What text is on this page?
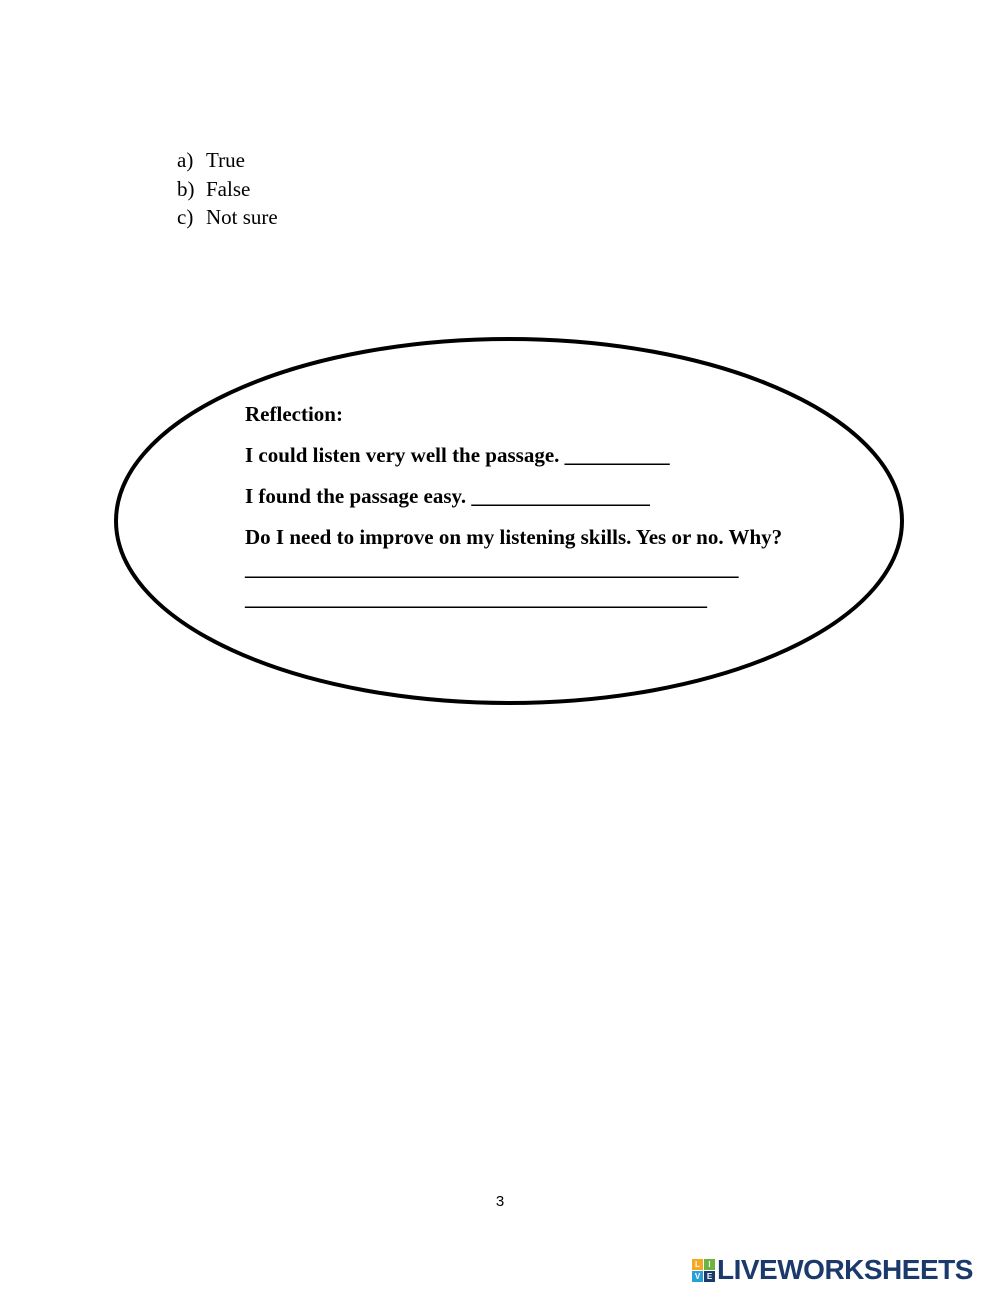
a) True
b) False
c) Not sure

Reflection:

I could listen very well the passage. __________

I found the passage easy. _________________

Do I need to improve on my listening skills. Yes or no. Why?

_______________________________________________
____________________________________________
3
L	I
V E LIVEWORKSHEETS
